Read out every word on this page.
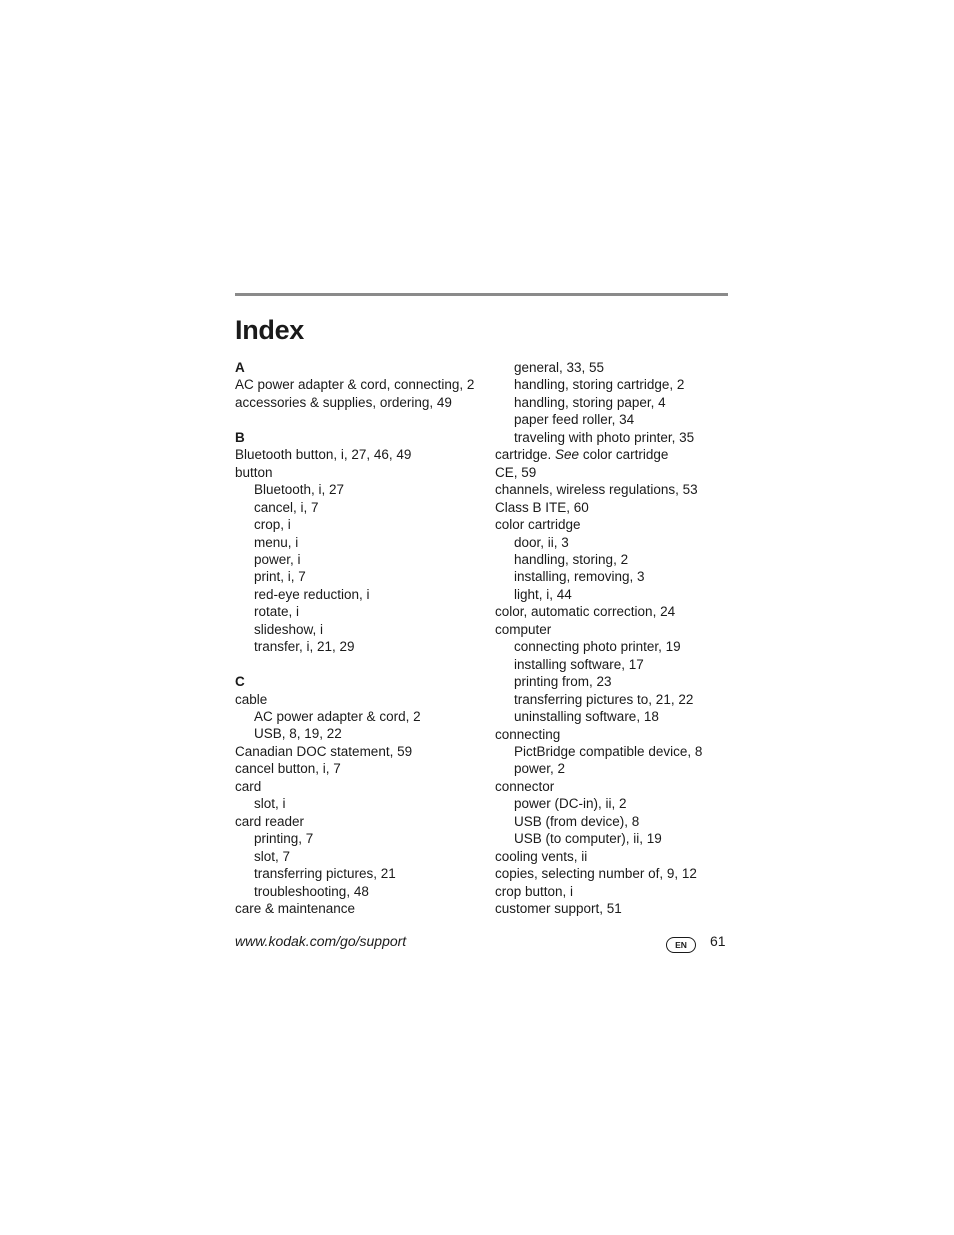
Index
A
AC power adapter & cord, connecting, 2
accessories & supplies, ordering, 49
B
Bluetooth button, i, 27, 46, 49
button
Bluetooth, i, 27
cancel, i, 7
crop, i
menu, i
power, i
print, i, 7
red-eye reduction, i
rotate, i
slideshow, i
transfer, i, 21, 29
C
cable
AC power adapter & cord, 2
USB, 8, 19, 22
Canadian DOC statement, 59
cancel button, i, 7
card
slot, i
card reader
printing, 7
slot, 7
transferring pictures, 21
troubleshooting, 48
care & maintenance
general, 33, 55
handling, storing cartridge, 2
handling, storing paper, 4
paper feed roller, 34
traveling with photo printer, 35
cartridge. See color cartridge
CE, 59
channels, wireless regulations, 53
Class B ITE, 60
color cartridge
door, ii, 3
handling, storing, 2
installing, removing, 3
light, i, 44
color, automatic correction, 24
computer
connecting photo printer, 19
installing software, 17
printing from, 23
transferring pictures to, 21, 22
uninstalling software, 18
connecting
PictBridge compatible device, 8
power, 2
connector
power (DC-in), ii, 2
USB (from device), 8
USB (to computer), ii, 19
cooling vents, ii
copies, selecting number of, 9, 12
crop button, i
customer support, 51
www.kodak.com/go/support	EN	61
